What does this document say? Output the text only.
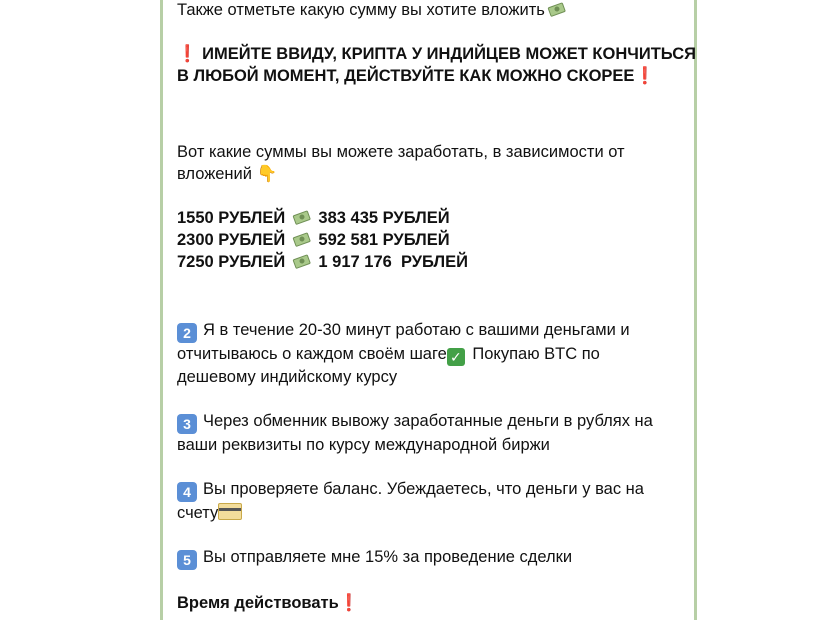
Также отметьте какую сумму вы хотите вложить
❗ ИМЕЙТЕ ВВИДУ, КРИПТА У ИНДИЙЦЕВ МОЖЕТ КОНЧИТЬСЯ
В ЛЮБОЙ МОМЕНТ, ДЕЙСТВУЙТЕ КАК МОЖНО СКОРЕЕ❗
Вот какие суммы вы можете заработать, в зависимости от
вложений 👇
1550 РУБЛЕЙ 383 435 РУБЛЕЙ
2300 РУБЛЕЙ 592 581 РУБЛЕЙ
7250 РУБЛЕЙ 1 917 176  РУБЛЕЙ
2 Я в течение 20-30 минут работаю с вашими деньгами и
отчитываюсь о каждом своём шаге ✓ Покупаю BTC по
дешевому индийскому курсу
3 Через обменник вывожу заработанные деньги в рублях на
ваши реквизиты по курсу международной биржи
4 Вы проверяете баланс. Убеждаетесь, что деньги у вас на
счету
5 Вы отправляете мне 15% за проведение сделки
Время действовать❗
